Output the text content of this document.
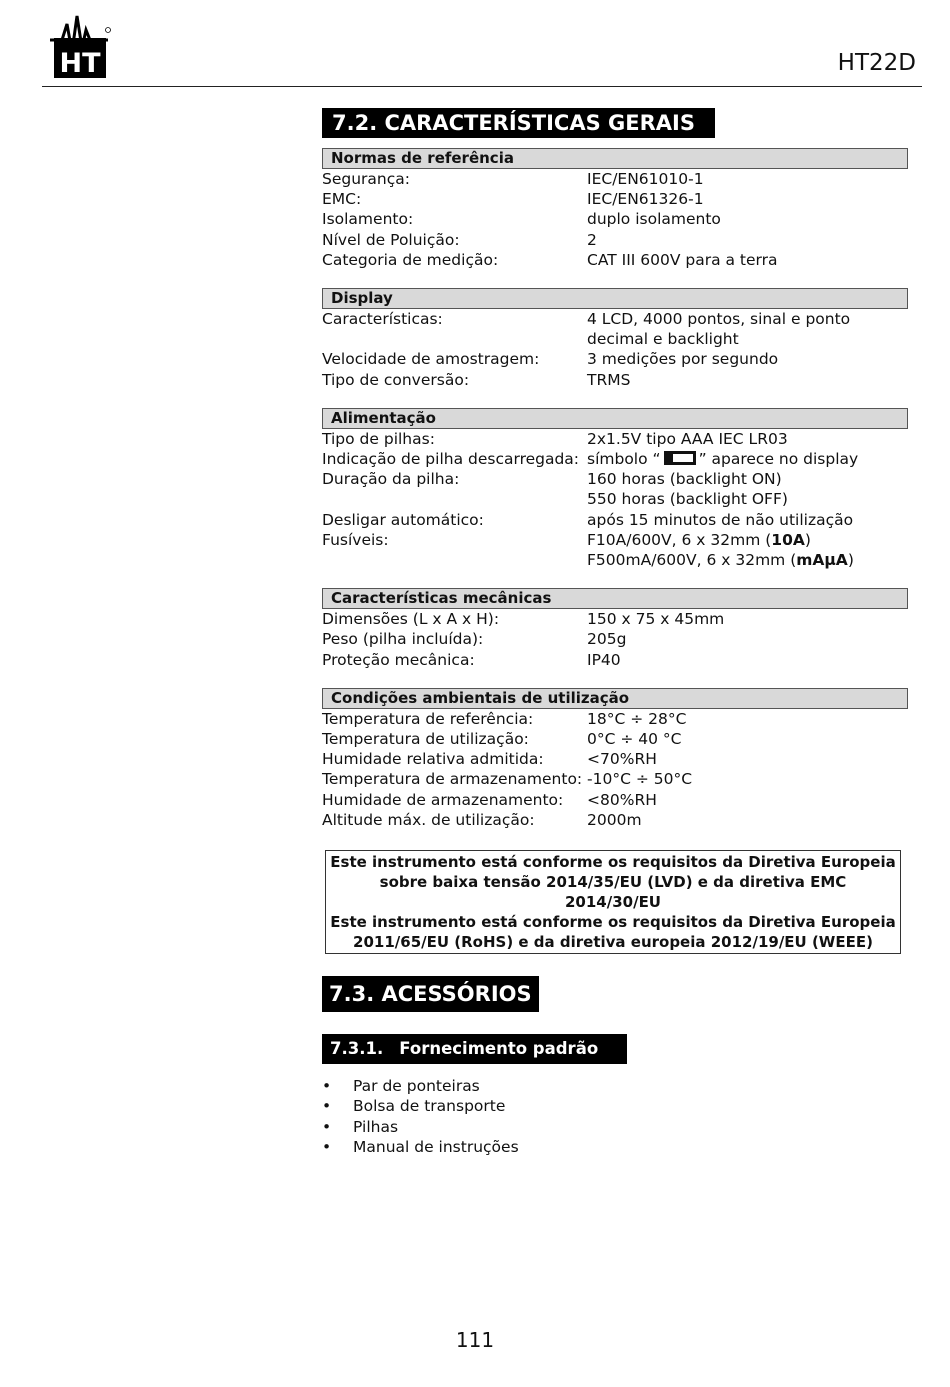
HT	HT22D
7.2. CARACTERÍSTICAS GERAIS
Normas de referência
Segurança:	IEC/EN61010-1
EMC:	IEC/EN61326-1
Isolamento:	duplo isolamento
Nível de Poluição:	2
Categoria de medição:	CAT III 600V para a terra
Display
Características:	4 LCD, 4000 pontos, sinal e ponto
decimal e backlight
Velocidade de amostragem:	3 medições por segundo
Tipo de conversão:	TRMS
Alimentação
Tipo de pilhas:	2x1.5V tipo AAA IEC LR03
Indicação de pilha descarregada: símbolo “ ” aparece no display
Duração da pilha:	160 horas (backlight ON)
550 horas (backlight OFF)
Desligar automático:	após 15 minutos de não utilização
Fusíveis:	F10A/600V, 6 x 32mm (10A)
F500mA/600V, 6 x 32mm (mAμA)
Características mecânicas
Dimensões (L x A x H):	150 x 75 x 45mm
Peso (pilha incluída):	205g
Proteção mecânica:	IP40
Condições ambientais de utilização
Temperatura de referência:	18°C ÷ 28°C
Temperatura de utilização:	0°C ÷ 40 °C
Humidade relativa admitida:	<70%RH
Temperatura de armazenamento: -10°C ÷ 50°C
Humidade de armazenamento:	<80%RH
Altitude máx. de utilização:	2000m
Este instrumento está conforme os requisitos da Diretiva Europeia
sobre baixa tensão 2014/35/EU (LVD) e da diretiva EMC 2014/30/EU
Este instrumento está conforme os requisitos da Diretiva Europeia
2011/65/EU (RoHS) e da diretiva europeia 2012/19/EU (WEEE)
7.3. ACESSÓRIOS
7.3.1. Fornecimento padrão
• Par de ponteiras
• Bolsa de transporte
• Pilhas
• Manual de instruções
111
